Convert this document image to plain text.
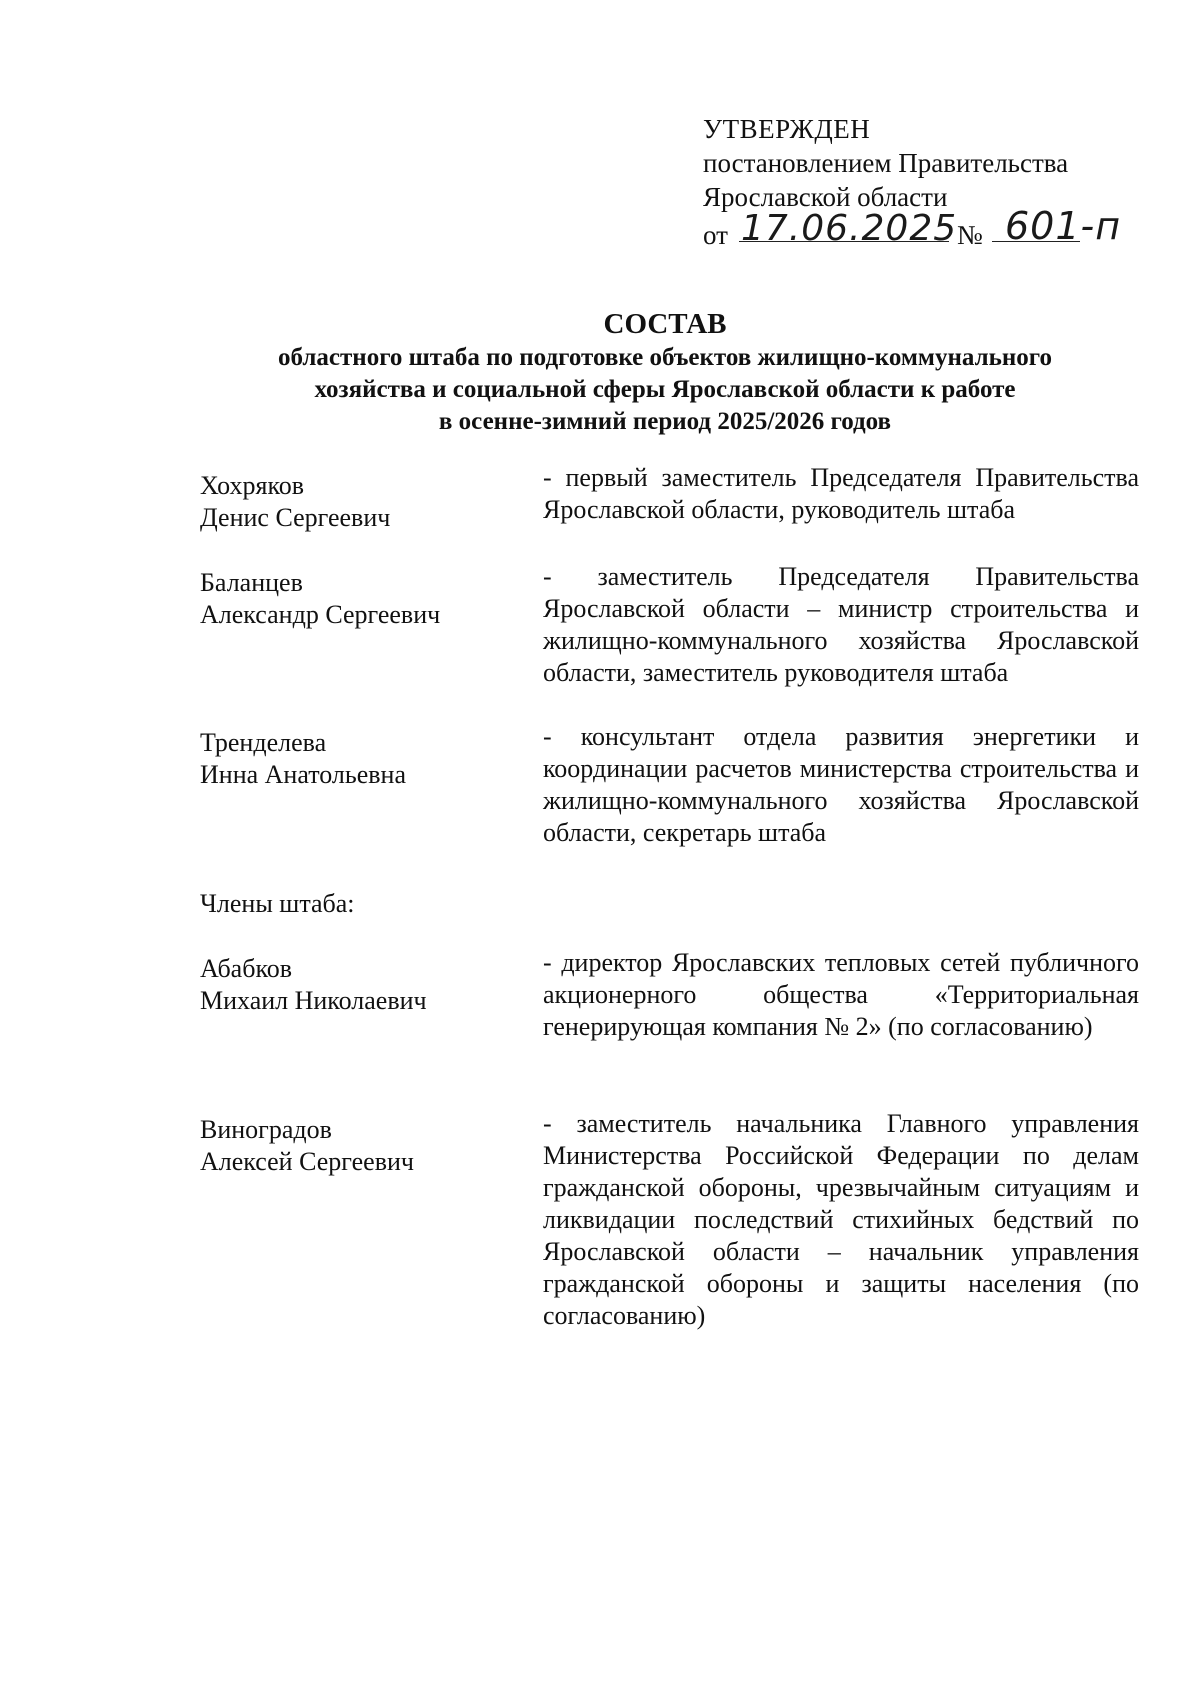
УТВЕРЖДЕН
постановлением Правительства
Ярославской области
от 17.06.2025 № 601-п
СОСТАВ
областного штаба по подготовке объектов жилищно-коммунального
хозяйства и социальной сферы Ярославской области к работе
в осенне-зимний период 2025/2026 годов
Хохряков
Денис Сергеевич
- первый заместитель Председателя Правительства Ярославской области, руководитель штаба
Баланцев
Александр Сергеевич
- заместитель Председателя Правительства Ярославской области – министр строительства и жилищно-коммунального хозяйства Ярославской области, заместитель руководителя штаба
Тренделева
Инна Анатольевна
- консультант отдела развития энергетики и координации расчетов министерства строительства и жилищно-коммунального хозяйства Ярославской области, секретарь штаба
Члены штаба:
Абабков
Михаил Николаевич
- директор Ярославских тепловых сетей публичного акционерного общества «Территориальная генерирующая компания № 2» (по согласованию)
Виноградов
Алексей Сергеевич
- заместитель начальника Главного управления Министерства Российской Федерации по делам гражданской обороны, чрезвычайным ситуациям и ликвидации последствий стихийных бедствий по Ярославской области – начальник управления гражданской обороны и защиты населения (по согласованию)
